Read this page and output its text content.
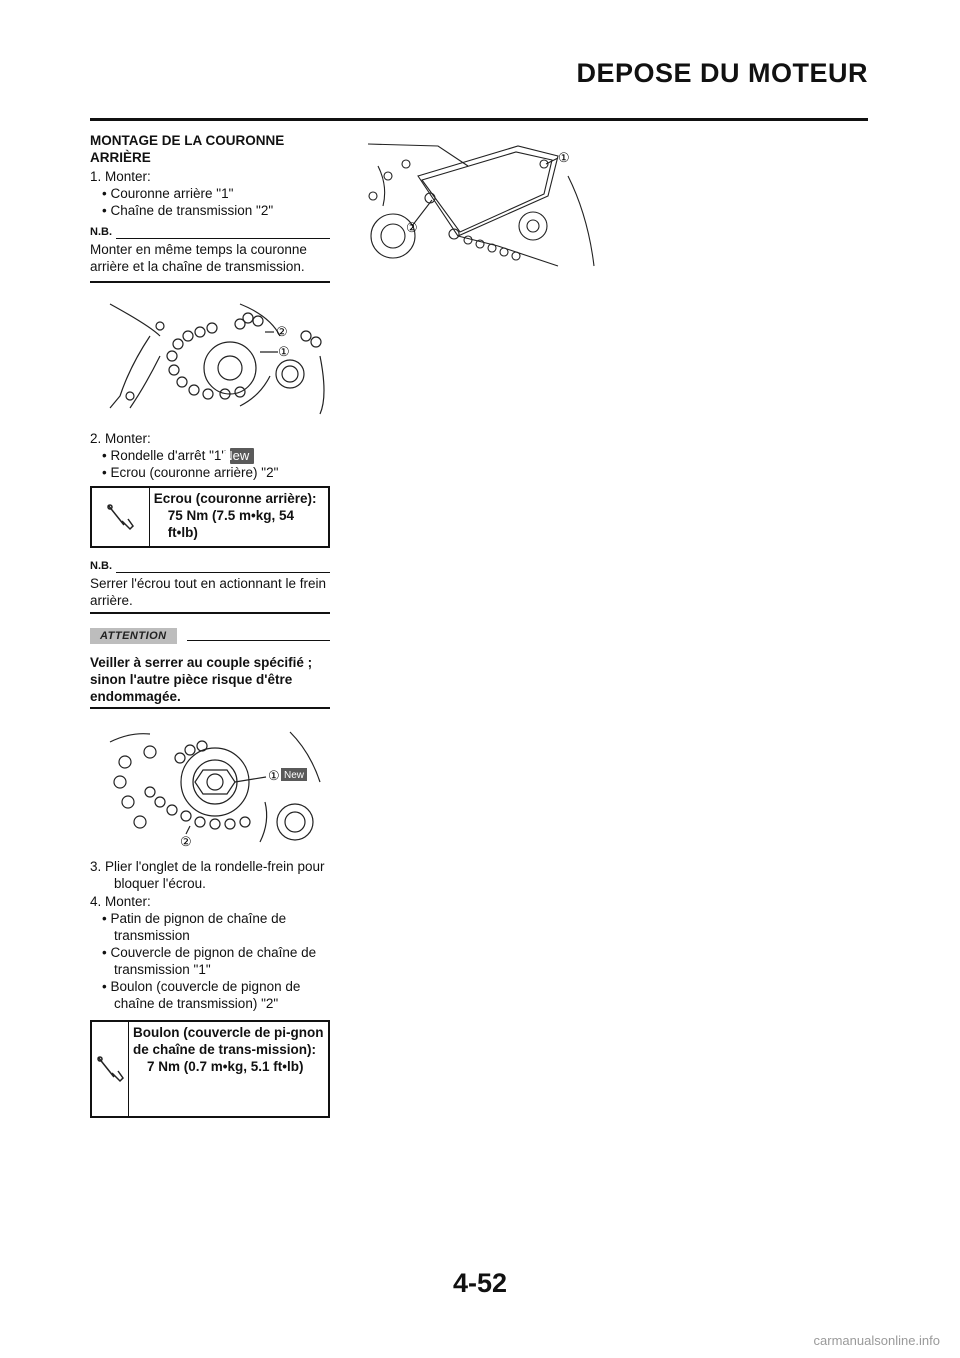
DEPOSE DU MOTEUR
MONTAGE DE LA COURONNE ARRIÈRE
1. Monter:
• Couronne arrière "1"
• Chaîne de transmission "2"
N.B.
Monter en même temps la couronne arrière et la chaîne de transmission.
②
①
2. Monter:
• Rondelle d'arrêt "1"New
• Ecrou (couronne arrière) "2"
Ecrou (couronne arrière):
75 Nm (7.5 m•kg, 54 ft•lb)
N.B.
Serrer l'écrou tout en actionnant le frein arrière.
ATTENTION
Veiller à serrer au couple spécifié ; sinon l'autre pièce risque d'être endommagée.
① New
②
3. Plier l'onglet de la rondelle-frein pour bloquer l'écrou.
4. Monter:
• Patin de pignon de chaîne de transmission
• Couvercle de pignon de chaîne de transmission "1"
• Boulon (couvercle de pignon de chaîne de transmission) "2"
Boulon (couvercle de pi-gnon de chaîne de trans-mission):
7 Nm (0.7 m•kg, 5.1 ft•lb)
①
②
4-52
carmanualsonline.info
